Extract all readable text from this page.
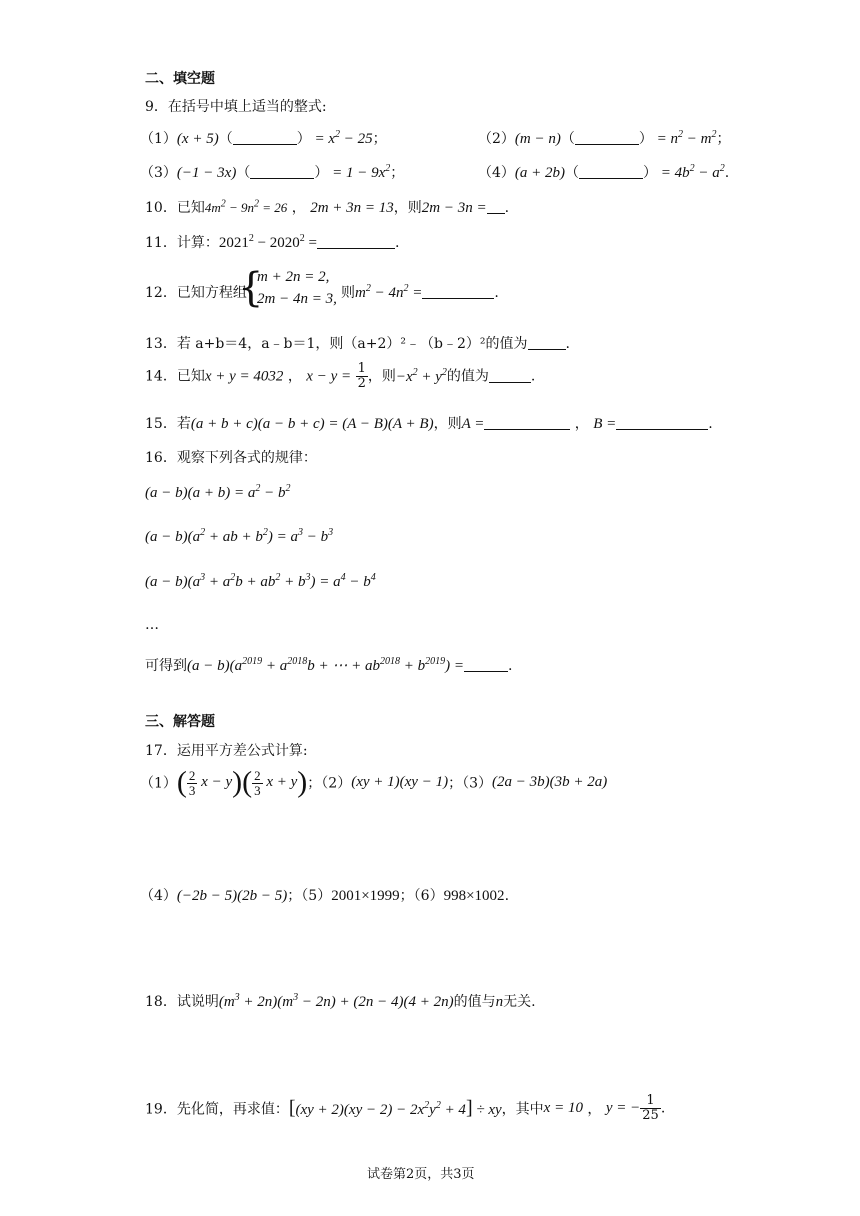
二、填空题
9．在括号中填上适当的整式:
（1）(x + 5)（	） = $x^2 - 25$；	（2）(m − n)（	） = $n^2 - m^2$；
（3）(−1 − 3x)（	） = $1 - 9x^2$；	（4）(a + 2b)（	） = $4b^2 - a^2$.
10．已知$4m^2 - 9n^2 = 26$ ， 2m + 3n = 13，则2m − 3n = .
11．计算：$2021^2 - 2020^2$ =	.
12．已知方程组
{
m + 2n = 2,
2m − 4n = 3, 则$m^2 - 4n^2$ =	.
13．若 a+b＝4，a﹣b＝1，则（a+2）²﹣（b﹣2）²的值为	.
14．已知x + y = 4032 ， $x - y = \frac{1}{2}$ ，则$-x^2 + y^2$的值为	.
15．若(a + b + c)(a − b + c) = (A − B)(A + B)，则A =	， B =	.
16．观察下列各式的规律：
$(a - b)(a + b) = a^2 - b^2$
$(a - b)(a^2$ + ab + $b^2) = a^3 - b^3$
$(a - b)(a^3 + a^2b + ab^2 + b^3) = a^4 - b^4$
…
可得到$(a - b)(a^{2019} + a^{2018}b$ + ⋯ + $ab^{2018} + b^{2019}$) =	.
三、解答题
17．运用平方差公式计算:
$(1)( \frac{2}{3}$ $x - y)( \frac{2}{3}$ x + y)；（2）(xy + 1)(xy − 1)；（3）(2a − 3b)(3b + 2a)
（4）(−2b − 5)(2b − 5)；（5）2001×1999；（6）998×1002.
18．试说明$(m^3 + 2n)(m^3 - 2n) + (2n - 4)(4 + 2n)$的值与n无关.
19．先化简，再求值：$[(xy + 2)(xy - 2) - 2x^2y^2 + 4]$ ÷ xy，其中x = 10 ， y = − $\frac{1}{25}$ .
试卷第2页，共3页
